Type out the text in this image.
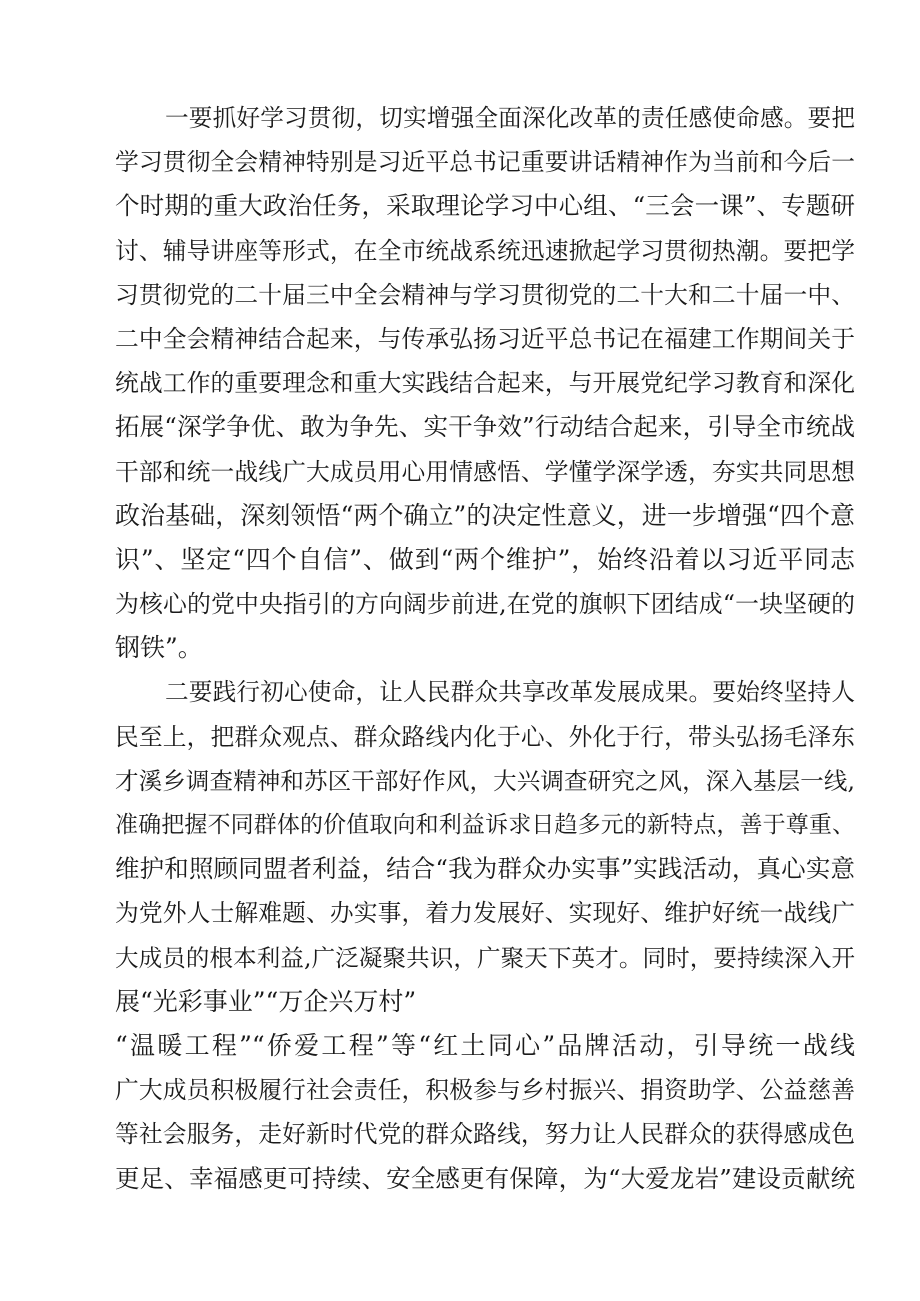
一要抓好学习贯彻，切实增强全面深化改革的责任感使命感。要把
学习贯彻全会精神特别是习近平总书记重要讲话精神作为当前和今后一
个时期的重大政治任务，采取理论学习中心组、“三会一课”、专题研
讨、辅导讲座等形式，在全市统战系统迅速掀起学习贯彻热潮。要把学
习贯彻党的二十届三中全会精神与学习贯彻党的二十大和二十届一中、
二中全会精神结合起来，与传承弘扬习近平总书记在福建工作期间关于
统战工作的重要理念和重大实践结合起来，与开展党纪学习教育和深化
拓展“深学争优、敢为争先、实干争效”行动结合起来，引导全市统战
干部和统一战线广大成员用心用情感悟、学懂学深学透，夯实共同思想
政治基础，深刻领悟“两个确立”的决定性意义，进一步增强“四个意
识”、坚定“四个自信”、做到“两个维护”，始终沿着以习近平同志
为核心的党中央指引的方向阔步前进,在党的旗帜下团结成“一块坚硬的
钢铁”。
二要践行初心使命，让人民群众共享改革发展成果。要始终坚持人
民至上，把群众观点、群众路线内化于心、外化于行，带头弘扬毛泽东
才溪乡调查精神和苏区干部好作风，大兴调查研究之风，深入基层一线,
准确把握不同群体的价值取向和利益诉求日趋多元的新特点，善于尊重、
维护和照顾同盟者利益，结合“我为群众办实事”实践活动，真心实意
为党外人士解难题、办实事，着力发展好、实现好、维护好统一战线广
大成员的根本利益,广泛凝聚共识，广聚天下英才。同时，要持续深入开
展“光彩事业”“万企兴万村”
“温暖工程”“侨爱工程”等“红土同心”品牌活动，引导统一战线
广大成员积极履行社会责任，积极参与乡村振兴、捐资助学、公益慈善
等社会服务，走好新时代党的群众路线，努力让人民群众的获得感成色
更足、幸福感更可持续、安全感更有保障，为“大爱龙岩”建设贡献统
